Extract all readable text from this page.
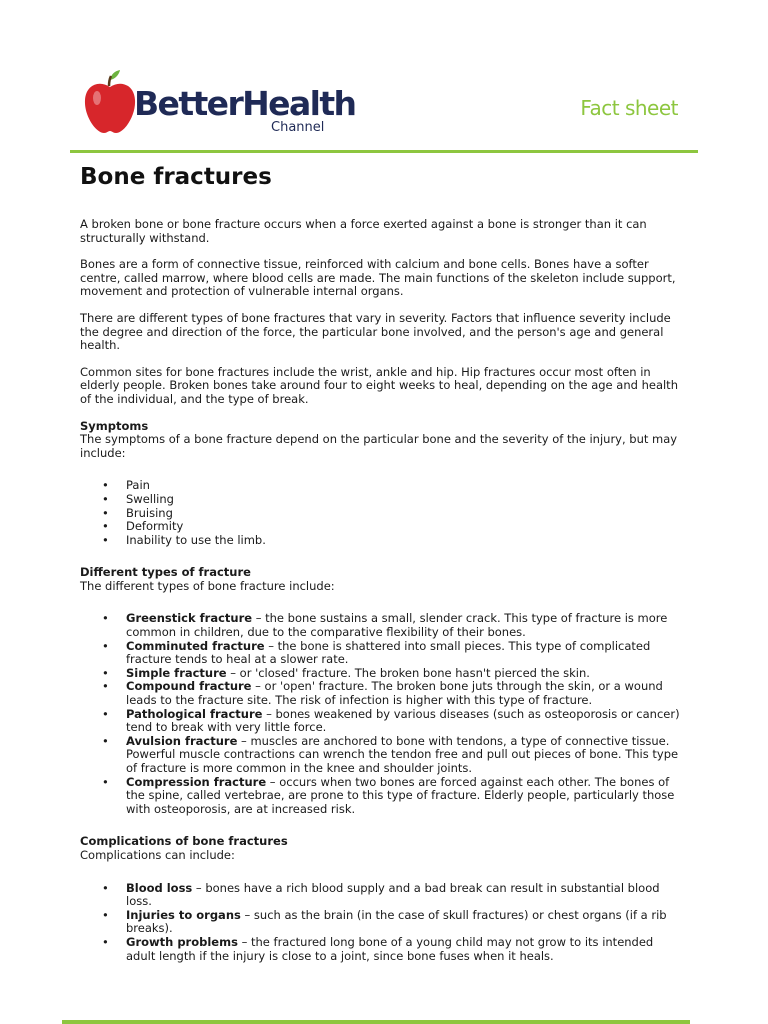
BetterHealth
Channel
Fact sheet
Bone fractures

A broken bone or bone fracture occurs when a force exerted against a bone is stronger than it can structurally withstand.

Bones are a form of connective tissue, reinforced with calcium and bone cells. Bones have a softer centre, called marrow, where blood cells are made. The main functions of the skeleton include support, movement and protection of vulnerable internal organs.

There are different types of bone fractures that vary in severity. Factors that influence severity include the degree and direction of the force, the particular bone involved, and the person's age and general health.

Common sites for bone fractures include the wrist, ankle and hip. Hip fractures occur most often in elderly people. Broken bones take around four to eight weeks to heal, depending on the age and health of the individual, and the type of break.

Symptoms
The symptoms of a bone fracture depend on the particular bone and the severity of the injury, but may include:
• Pain
• Swelling
• Bruising
• Deformity
• Inability to use the limb.
Different types of fracture
The different types of bone fracture include:
• Greenstick fracture – the bone sustains a small, slender crack. This type of fracture is more common in children, due to the comparative flexibility of their bones.
• Comminuted fracture – the bone is shattered into small pieces. This type of complicated fracture tends to heal at a slower rate.
• Simple fracture – or 'closed' fracture. The broken bone hasn't pierced the skin.
• Compound fracture – or 'open' fracture. The broken bone juts through the skin, or a wound leads to the fracture site. The risk of infection is higher with this type of fracture.
• Pathological fracture – bones weakened by various diseases (such as osteoporosis or cancer) tend to break with very little force.
• Avulsion fracture – muscles are anchored to bone with tendons, a type of connective tissue. Powerful muscle contractions can wrench the tendon free and pull out pieces of bone. This type of fracture is more common in the knee and shoulder joints.
• Compression fracture – occurs when two bones are forced against each other. The bones of the spine, called vertebrae, are prone to this type of fracture. Elderly people, particularly those with osteoporosis, are at increased risk.
Complications of bone fractures
Complications can include:
• Blood loss – bones have a rich blood supply and a bad break can result in substantial blood loss.
• Injuries to organs – such as the brain (in the case of skull fractures) or chest organs (if a rib breaks).
• Growth problems – the fractured long bone of a young child may not grow to its intended adult length if the injury is close to a joint, since bone fuses when it heals.
